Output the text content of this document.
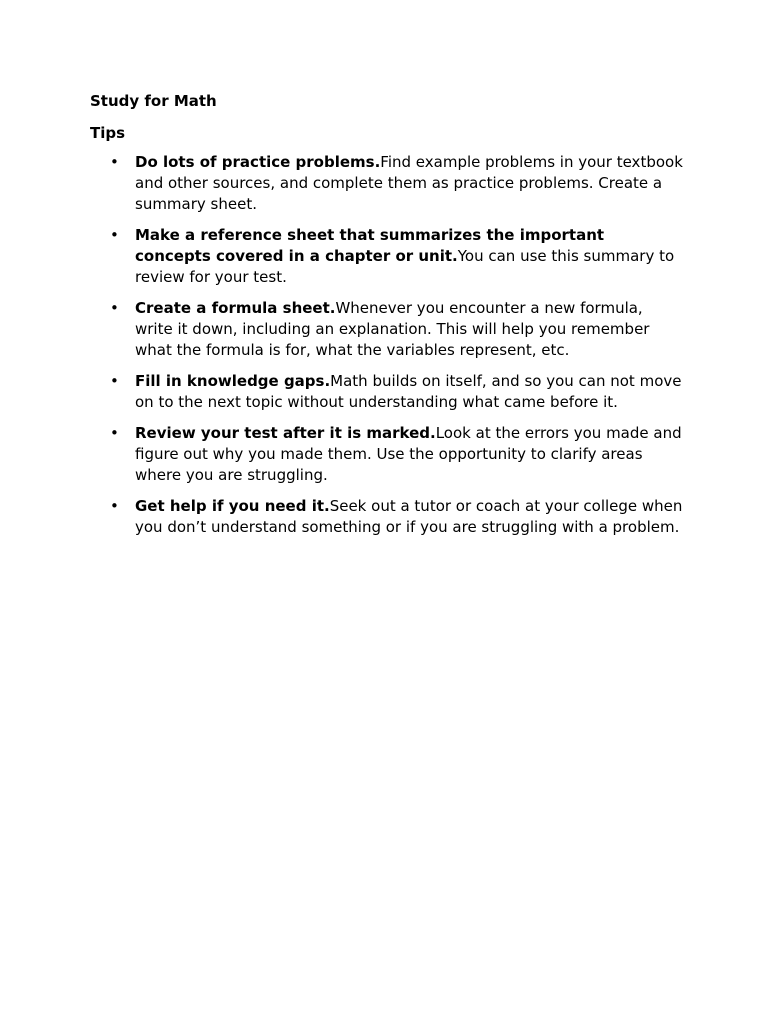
Study for Math
Tips
• Do lots of practice problems.Find example problems in your textbook and other sources, and complete them as practice problems. Create a summary sheet.
• Make a reference sheet that summarizes the important concepts covered in a chapter or unit.You can use this summary to review for your test.
• Create a formula sheet.Whenever you encounter a new formula, write it down, including an explanation. This will help you remember what the formula is for, what the variables represent, etc.
• Fill in knowledge gaps.Math builds on itself, and so you can not move on to the next topic without understanding what came before it.
• Review your test after it is marked.Look at the errors you made and figure out why you made them. Use the opportunity to clarify areas where you are struggling.
• Get help if you need it.Seek out a tutor or coach at your college when you don’t understand something or if you are struggling with a problem.
